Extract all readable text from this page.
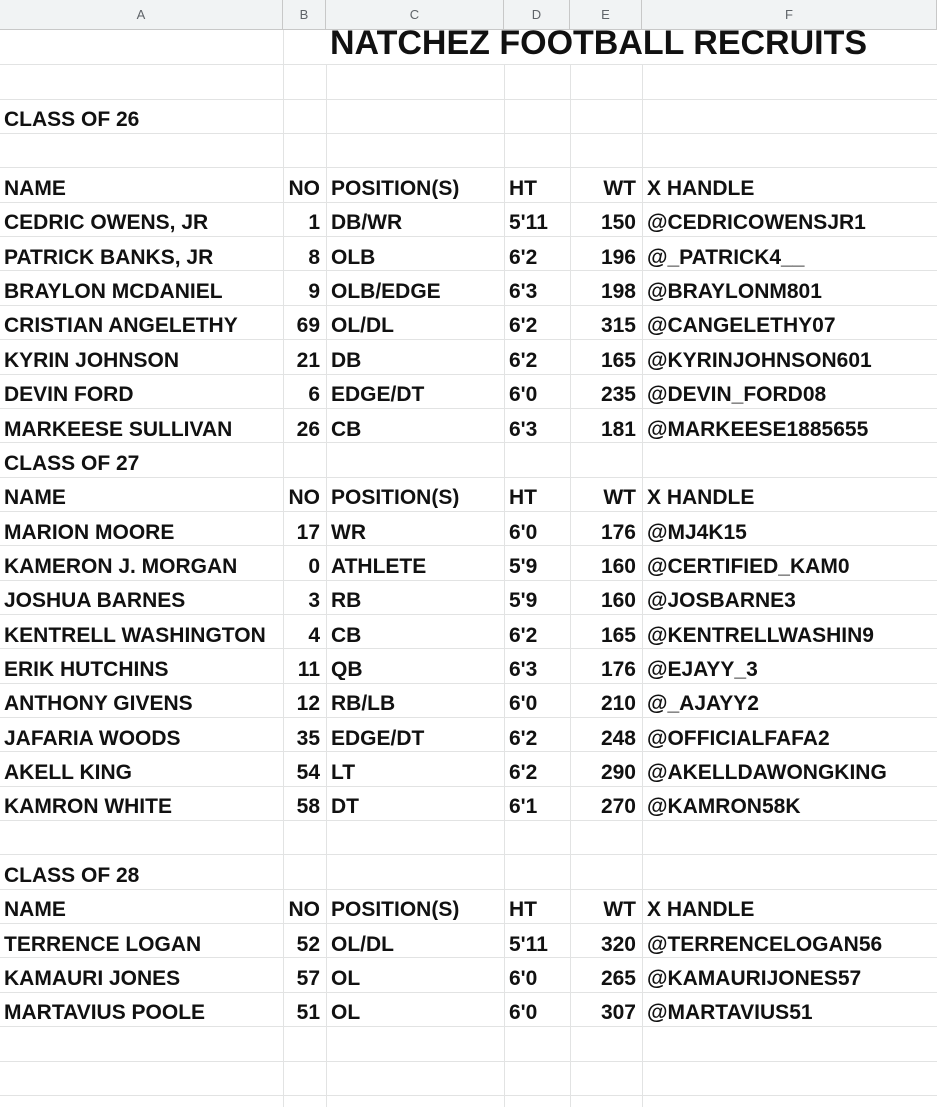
A	B	C	D	E	F
NATCHEZ FOOTBALL RECRUITS
CLASS OF 26
NAME	NO POSITION(S)	HT	WT X HANDLE
CEDRIC OWENS, JR	1 DB/WR	5'11	150 @CEDRICOWENSJR1
PATRICK BANKS, JR	8 OLB	6'2	196 @_PATRICK4__
BRAYLON MCDANIEL	9 OLB/EDGE	6'3	198 @BRAYLONM801
CRISTIAN ANGELETHY	69 OL/DL	6'2	315 @CANGELETHY07
KYRIN JOHNSON	21 DB	6'2	165 @KYRINJOHNSON601
DEVIN FORD	6 EDGE/DT	6'0	235 @DEVIN_FORD08
MARKEESE SULLIVAN	26 CB	6'3	181 @MARKEESE1885655
CLASS OF 27
NAME	NO POSITION(S)	HT	WT X HANDLE
MARION MOORE	17 WR	6'0	176 @MJ4K15
KAMERON J. MORGAN	0 ATHLETE	5'9	160 @CERTIFIED_KAM0
JOSHUA BARNES	3 RB	5'9	160 @JOSBARNE3
KENTRELL WASHINGTON	4 CB	6'2	165 @KENTRELLWASHIN9
ERIK HUTCHINS	11 QB	6'3	176 @EJAYY_3
ANTHONY GIVENS	12 RB/LB	6'0	210 @_AJAYY2
JAFARIA WOODS	35 EDGE/DT	6'2	248 @OFFICIALFAFA2
AKELL KING	54 LT	6'2	290 @AKELLDAWONGKING
KAMRON WHITE	58 DT	6'1	270 @KAMRON58K
CLASS OF 28
NAME	NO POSITION(S)	HT	WT X HANDLE
TERRENCE LOGAN	52 OL/DL	5'11	320 @TERRENCELOGAN56
KAMAURI JONES	57 OL	6'0	265 @KAMAURIJONES57
MARTAVIUS POOLE	51 OL	6'0	307 @MARTAVIUS51
